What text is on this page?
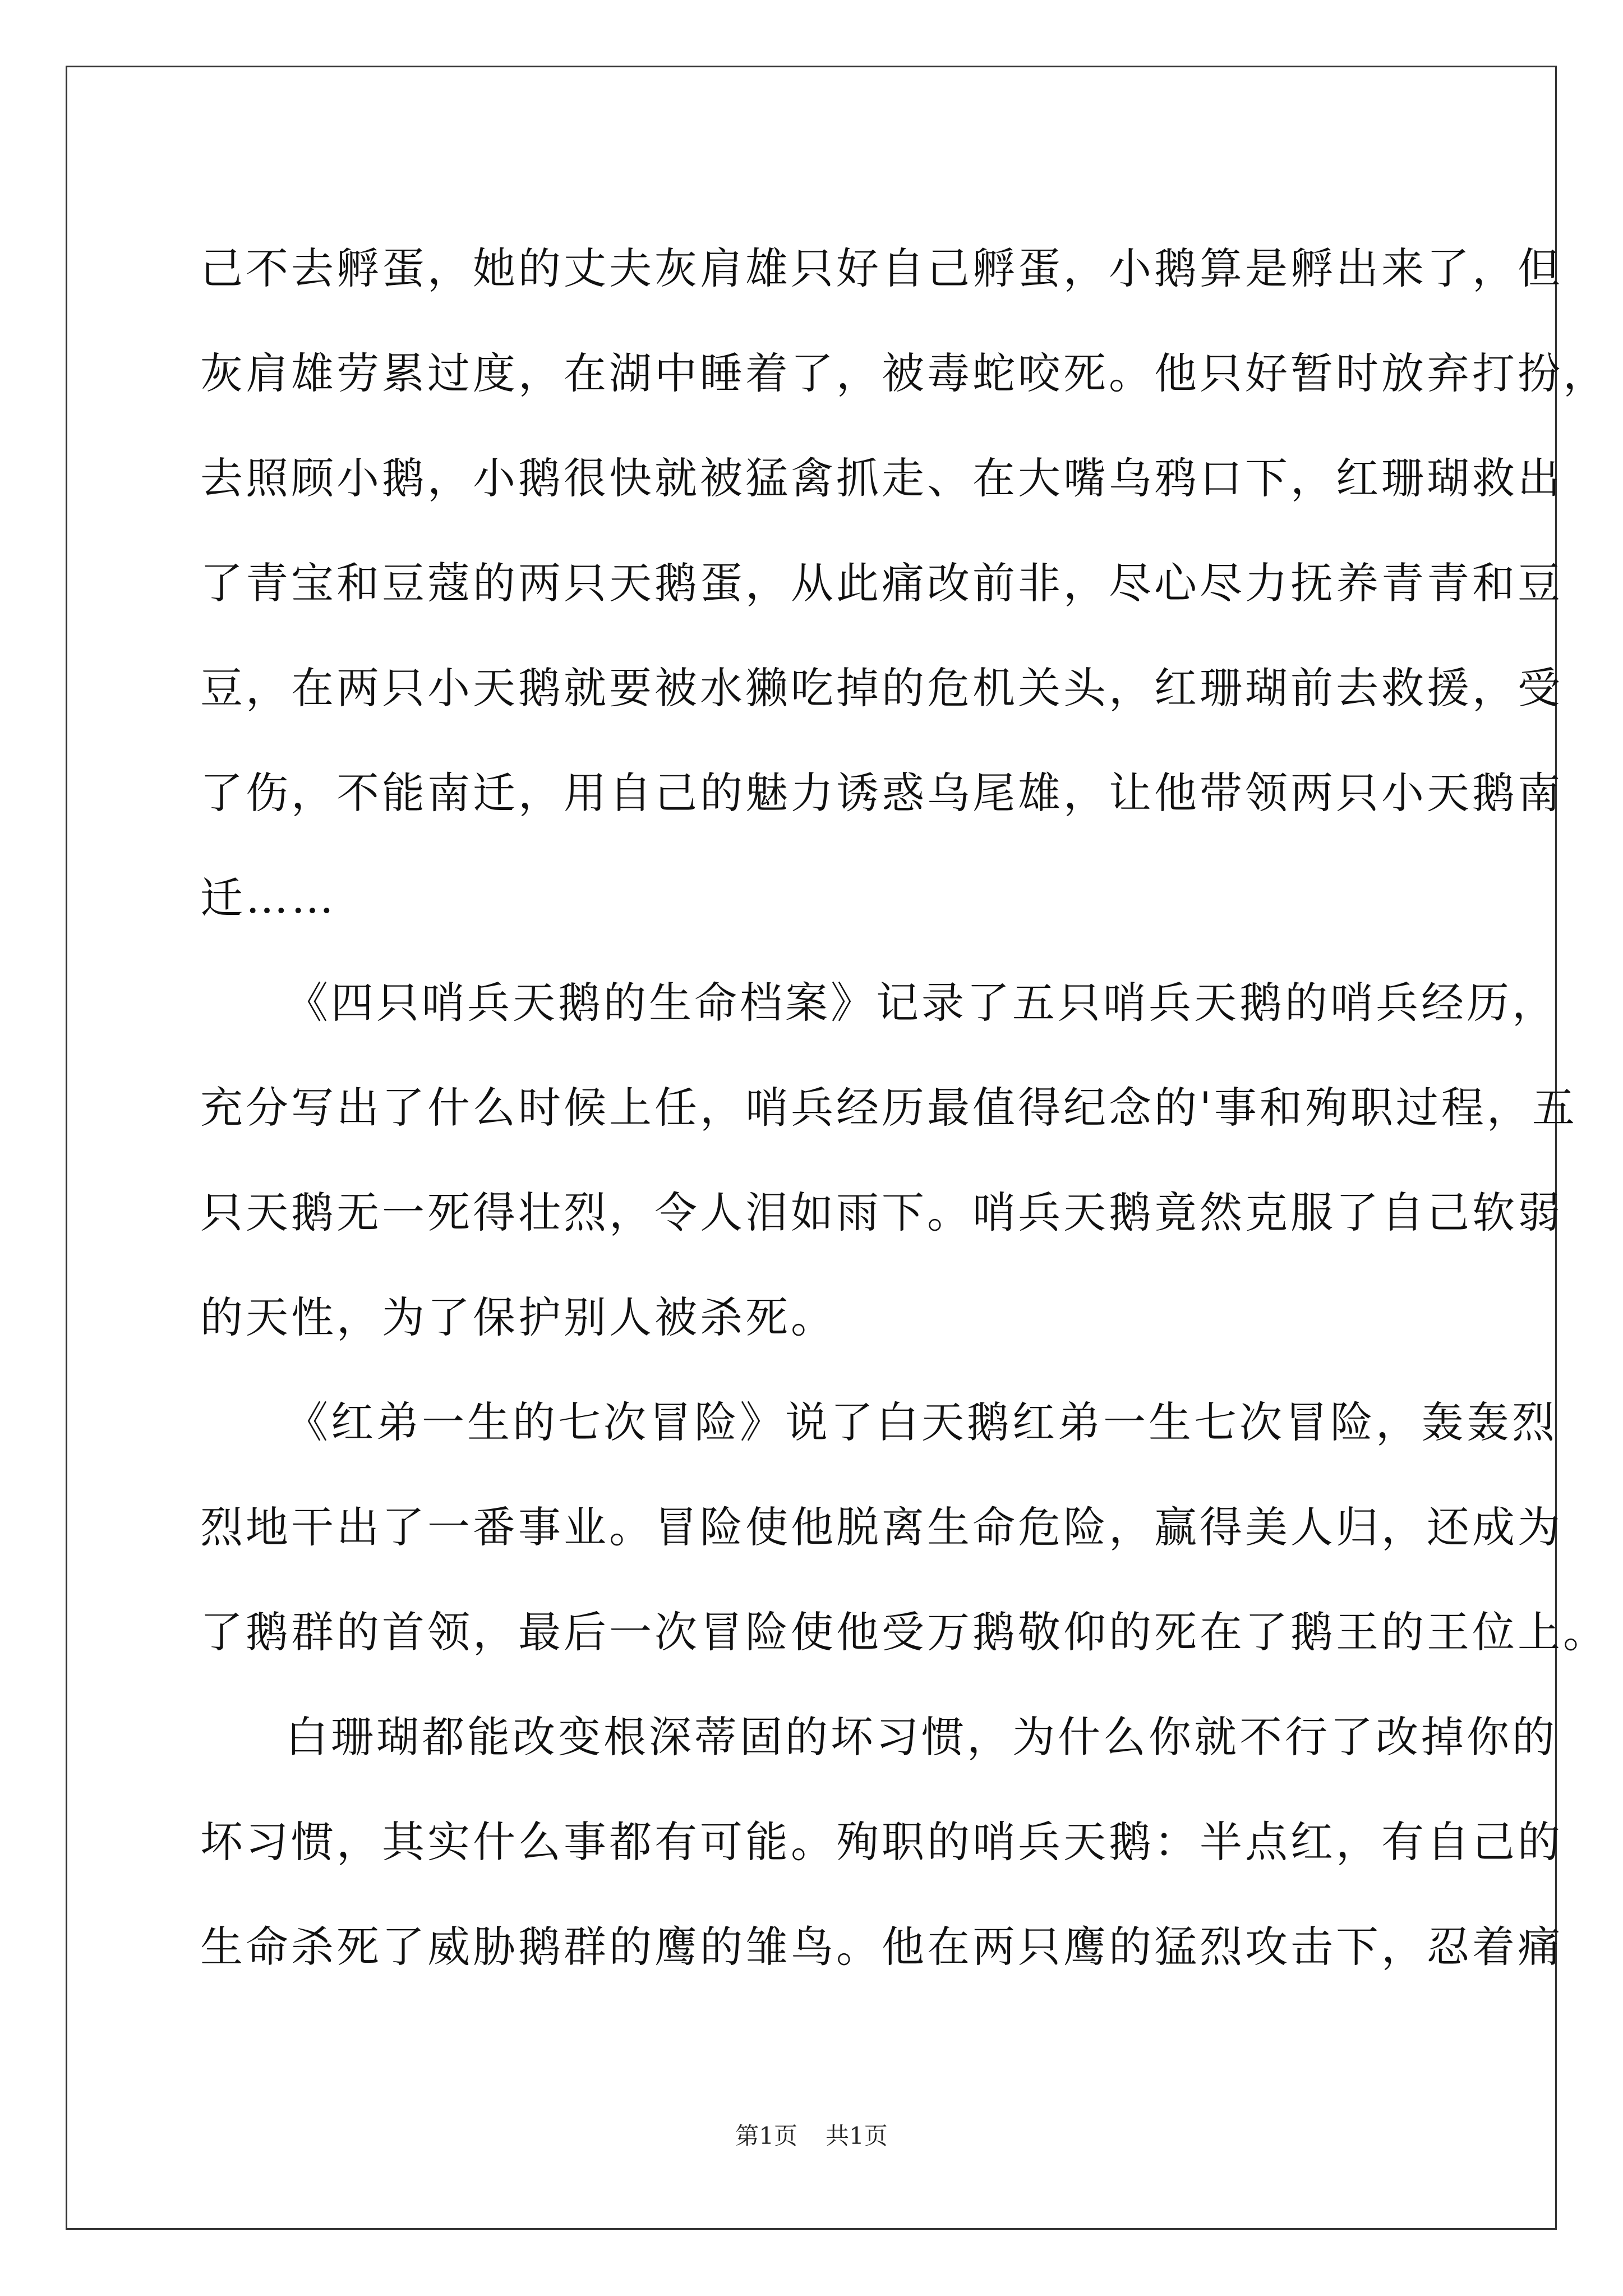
己不去孵蛋，她的丈夫灰肩雄只好自己孵蛋，小鹅算是孵出来了，但
灰肩雄劳累过度，在湖中睡着了，被毒蛇咬死。他只好暂时放弃打扮，
去照顾小鹅，小鹅很快就被猛禽抓走、在大嘴乌鸦口下，红珊瑚救出
了青宝和豆蔻的两只天鹅蛋，从此痛改前非，尽心尽力抚养青青和豆
豆，在两只小天鹅就要被水獭吃掉的危机关头，红珊瑚前去救援，受
了伤，不能南迁，用自己的魅力诱惑乌尾雄，让他带领两只小天鹅南
迁……
《四只哨兵天鹅的生命档案》记录了五只哨兵天鹅的哨兵经历，
充分写出了什么时候上任，哨兵经历最值得纪念的'事和殉职过程，五
只天鹅无一死得壮烈，令人泪如雨下。哨兵天鹅竟然克服了自己软弱
的天性，为了保护别人被杀死。
《红弟一生的七次冒险》说了白天鹅红弟一生七次冒险，轰轰烈
烈地干出了一番事业。冒险使他脱离生命危险，赢得美人归，还成为
了鹅群的首领，最后一次冒险使他受万鹅敬仰的死在了鹅王的王位上。
白珊瑚都能改变根深蒂固的坏习惯，为什么你就不行了改掉你的
坏习惯，其实什么事都有可能。殉职的哨兵天鹅：半点红，有自己的
生命杀死了威胁鹅群的鹰的雏鸟。他在两只鹰的猛烈攻击下，忍着痛
第1页 共1页
